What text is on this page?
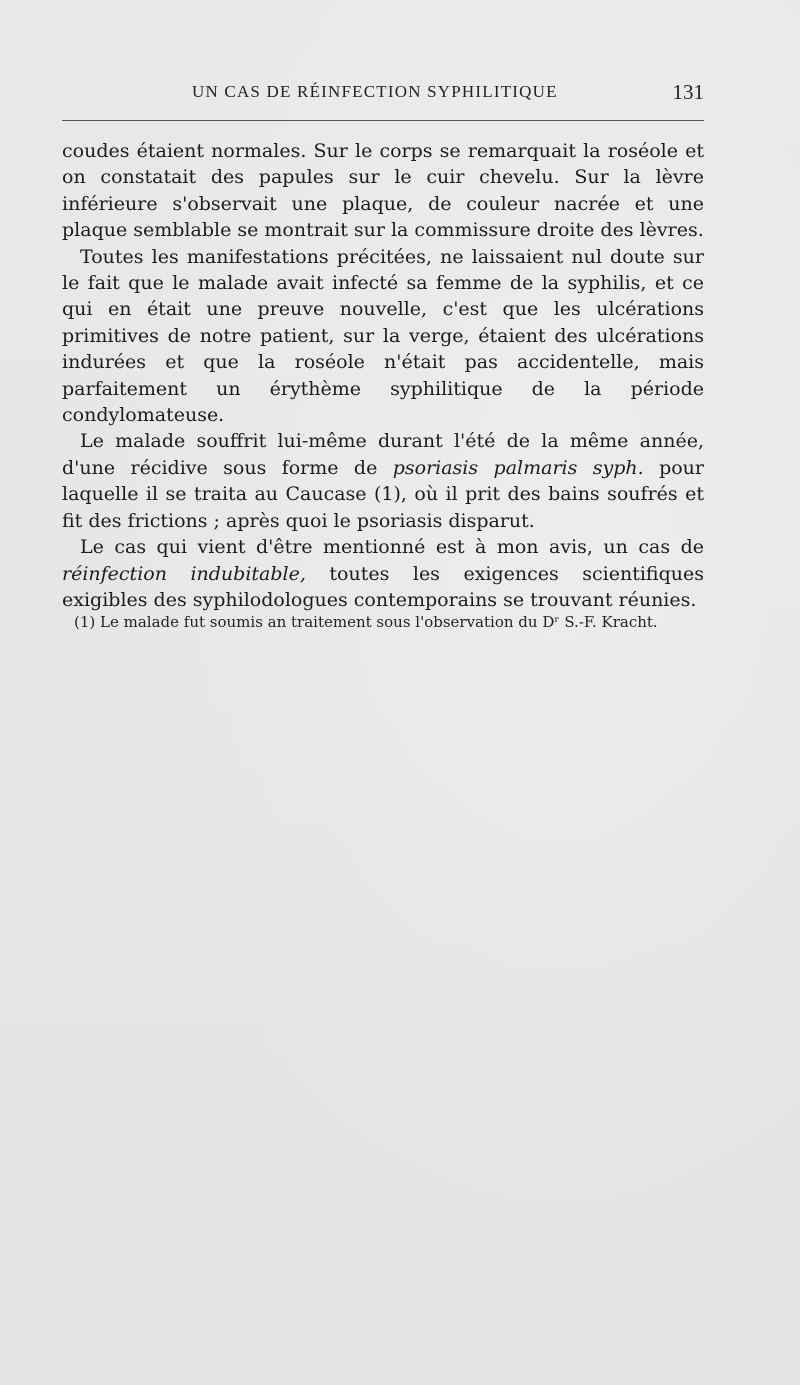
UN CAS DE RÉINFECTION SYPHILITIQUE	131

coudes étaient normales. Sur le corps se remarquait la roséole et on constatait des papules sur le cuir chevelu. Sur la lèvre inférieure s'observait une plaque, de couleur nacrée et une plaque semblable se montrait sur la commissure droite des lèvres.

Toutes les manifestations précitées, ne laissaient nul doute sur le fait que le malade avait infecté sa femme de la syphilis, et ce qui en était une preuve nouvelle, c'est que les ulcérations primitives de notre patient, sur la verge, étaient des ulcérations indurées et que la roséole n'était pas accidentelle, mais parfaitement un érythème syphilitique de la période condylomateuse.

Le malade souffrit lui-même durant l'été de la même année, d'une récidive sous forme de psoriasis palmaris syph. pour laquelle il se traita au Caucase (1), où il prit des bains soufrés et fit des frictions ; après quoi le psoriasis disparut.

Le cas qui vient d'être mentionné est à mon avis, un cas de réinfection indubitable, toutes les exigences scientifiques exigibles des syphilodologues contemporains se trouvant réunies.

(1) Le malade fut soumis an traitement sous l'observation du Dʳ S.-F. Kracht.
